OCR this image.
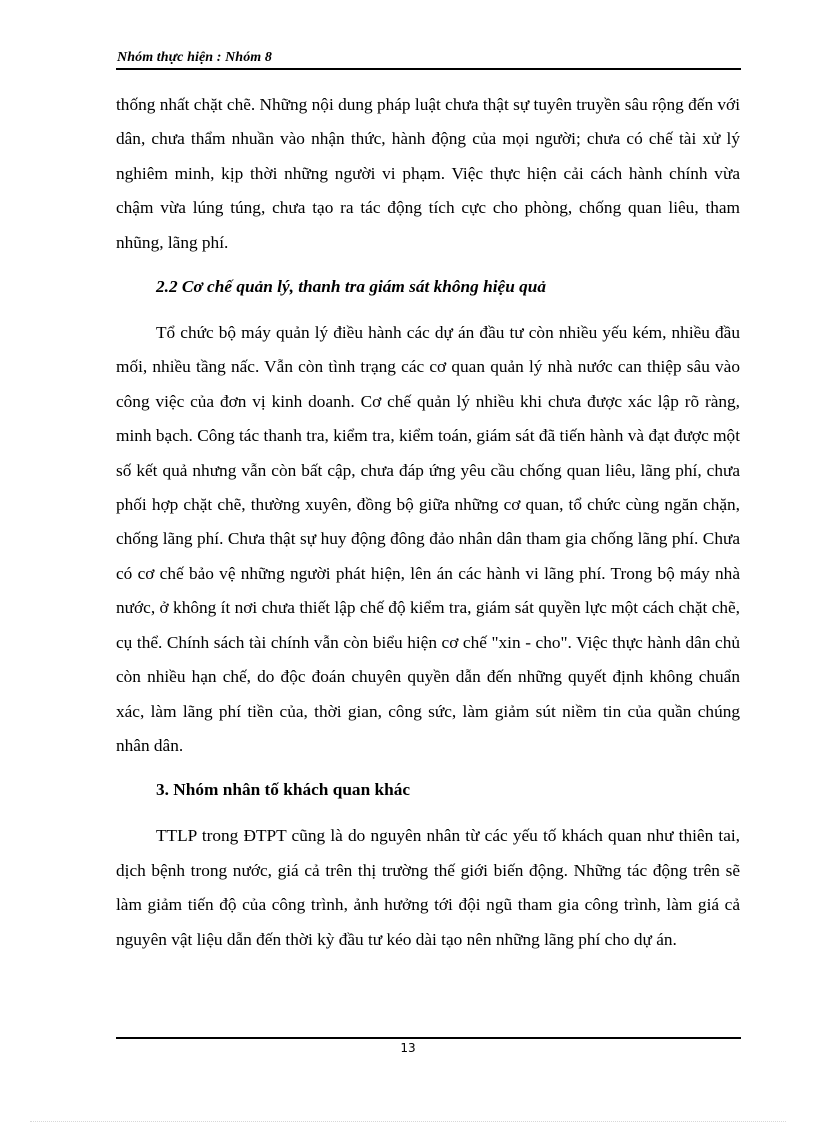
Nhóm thực hiện : Nhóm 8

thống nhất chặt chẽ. Những nội dung pháp luật chưa thật sự tuyên truyền sâu rộng đến với dân, chưa thẩm nhuần vào nhận thức, hành động của mọi người; chưa có chế tài xử lý nghiêm minh, kịp thời những người vi phạm. Việc thực hiện cải cách hành chính vừa chậm vừa lúng túng, chưa tạo ra tác động tích cực cho phòng, chống quan liêu, tham nhũng, lãng phí.

2.2 Cơ chế quản lý, thanh tra giám sát không hiệu quả

Tổ chức bộ máy quản lý điều hành các dự án đầu tư còn nhiều yếu kém, nhiều đầu mối, nhiều tầng nấc. Vẫn còn tình trạng các cơ quan quản lý nhà nước can thiệp sâu vào công việc của đơn vị kinh doanh. Cơ chế quản lý nhiều khi chưa được xác lập rõ ràng, minh bạch. Công tác thanh tra, kiểm tra, kiểm toán, giám sát đã tiến hành và đạt được một số kết quả nhưng vẫn còn bất cập, chưa đáp ứng yêu cầu chống quan liêu, lãng phí, chưa phối hợp chặt chẽ, thường xuyên, đồng bộ giữa những cơ quan, tổ chức cùng ngăn chặn, chống lãng phí. Chưa thật sự huy động đông đảo nhân dân tham gia chống lãng phí. Chưa có cơ chế bảo vệ những người phát hiện, lên án các hành vi lãng phí. Trong bộ máy nhà nước, ở không ít nơi chưa thiết lập chế độ kiểm tra, giám sát quyền lực một cách chặt chẽ, cụ thể. Chính sách tài chính vẫn còn biểu hiện cơ chế "xin - cho". Việc thực hành dân chủ còn nhiều hạn chế, do độc đoán chuyên quyền dẫn đến những quyết định không chuẩn xác, làm lãng phí tiền của, thời gian, công sức, làm giảm sút niềm tin của quần chúng nhân dân.

3. Nhóm nhân tố khách quan khác

TTLP trong ĐTPT cũng là do nguyên nhân từ các yếu tố khách quan như thiên tai, dịch bệnh trong nước, giá cả trên thị trường thế giới biến động. Những tác động trên sẽ làm giảm tiến độ của công trình, ảnh hưởng tới đội ngũ tham gia công trình, làm giá cả nguyên vật liệu dẫn đến thời kỳ đầu tư kéo dài tạo nên những lãng phí cho dự án.

13
